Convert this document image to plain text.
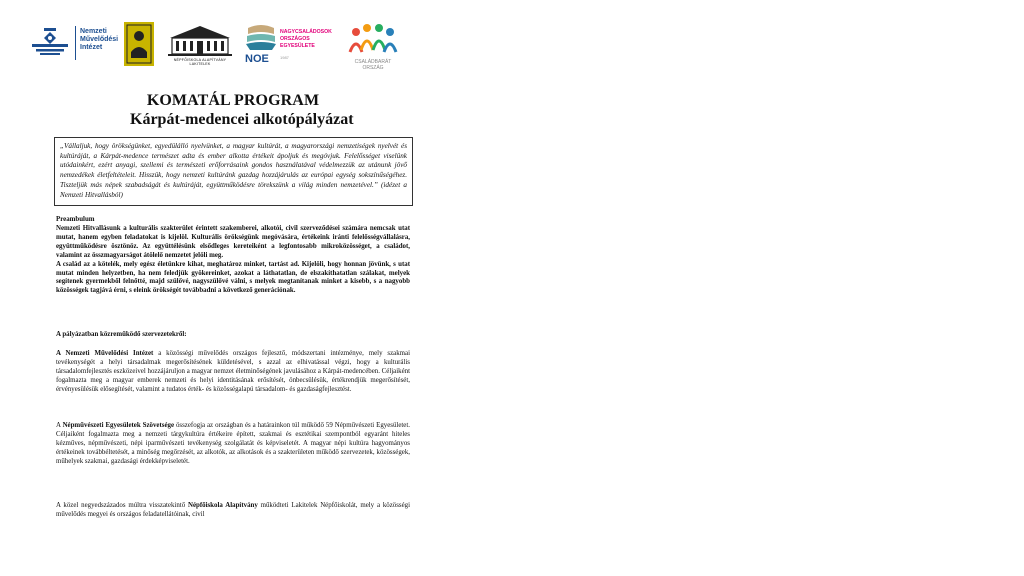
Nemzeti
Művelődési
Intézet
NÉPFŐISKOLA ALAPÍTVÁNY LAKITELEK	NOE
NAGYCSALÁDOSOK
ORSZÁGOS
EGYESÜLETE
1987
CSALÁDBARÁT
ORSZÁG
KOMATÁL PROGRAM
Kárpát-medencei alkotópályázat

„Vállaljuk, hogy örökségünket, egyedülálló nyelvünket, a magyar kultúrát, a magyarországi nemzetiségek nyelvét és kultúráját, a Kárpát-medence természet adta és ember alkotta értékeit ápoljuk és megóvjuk. Felelősséget viselünk utódainkért, ezért anyagi, szellemi és természeti erőforrásaink gondos használatával védelmezzük az utánunk jövő nemzedékek életfeltételeit. Hisszük, hogy nemzeti kultúránk gazdag hozzájárulás az európai egység sokszínűségéhez. Tiszteljük más népek szabadságát és kultúráját, együttműködésre törekszünk a világ minden nemzetével.” (idézet a Nemzeti Hitvallásból)

Preambulum

Nemzeti Hitvallásunk a kulturális szakterület érintett szakemberei, alkotói, civil szerveződései számára nemcsak utat mutat, hanem egyben feladatokat is kijelöl. Kulturális örökségünk megóvására, értékeink iránti felelősségvállalásra, együttműködésre ösztönöz. Az együttélésünk elsődleges kereteiként a legfontosabb mikroközösséget, a családot, valamint az összmagyarságot átölelő nemzetet jelöli meg.

A család az a kötelék, mely egész életünkre kihat, meghatároz minket, tartást ad. Kijelöli, hogy honnan jövünk, s utat mutat minden helyzetben, ha nem feledjük gyökereinket, azokat a láthatatlan, de elszakíthatatlan szálakat, melyek segítenek gyermekből felnőtté, majd szülővé, nagyszülővé válni, s melyek megtanítanak minket a kisebb, s a nagyobb közösségek tagjává érni, s eleink örökségét továbbadni a következő generációnak.

A pályázatban közreműködő szervezetekről:

A Nemzeti Művelődési Intézet a közösségi művelődés országos fejlesztő, módszertani intézménye, mely szakmai tevékenységét a helyi társadalmak megerősítésének küldetésével, s azzal az elhivatással végzi, hogy a kulturális társadalomfejlesztés eszközeivel hozzájáruljon a magyar nemzet életminőségének javulásához a Kárpát-medencében. Céljaiként fogalmazta meg a magyar emberek nemzeti és helyi identitásának erősítését, önbecsülésük, értékrendjük megerősítését, érvényesülésük elősegítését, valamint a tudatos érték- és közösségalapú társadalom- és gazdaságfejlesztést.

A Népművészeti Egyesületek Szövetsége összefogja az országban és a határainkon túl működő 59 Népművészeti Egyesületet. Céljaiként fogalmazta meg a nemzeti tárgykultúra értékeire épített, szakmai és esztétikai szempontból egyaránt hiteles kézműves, népművészeti, népi iparművészeti tevékenység szolgálatát és képviseletét. A magyar népi kultúra hagyományos értékeinek továbbéltetését, a minőség megőrzését, az alkotók, az alkotások és a szakterületen működő szervezetek, közösségek, műhelyek szakmai, gazdasági érdekképviseletét.

A közel negyedszázados múltra visszatekintő Népfőiskola Alapítvány működteti Lakitelek Népfőiskolát, mely a közösségi művelődés megyei és országos feladatellátóinak, civil
